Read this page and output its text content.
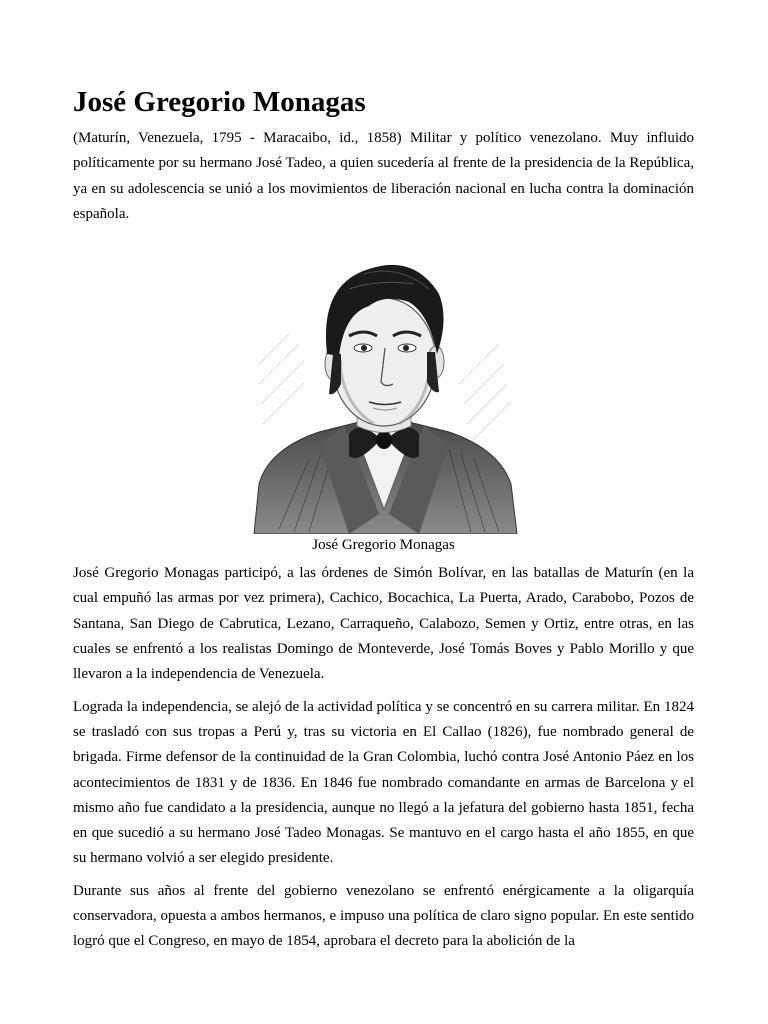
José Gregorio Monagas

(Maturín, Venezuela, 1795 - Maracaibo, id., 1858) Militar y político venezolano. Muy influido políticamente por su hermano José Tadeo, a quien sucedería al frente de la presidencia de la República, ya en su adolescencia se unió a los movimientos de liberación nacional en lucha contra la dominación española.

José Gregorio Monagas

José Gregorio Monagas participó, a las órdenes de Simón Bolívar, en las batallas de Maturín (en la cual empuñó las armas por vez primera), Cachico, Bocachica, La Puerta, Arado, Carabobo, Pozos de Santana, San Diego de Cabrutica, Lezano, Carraqueño, Calabozo, Semen y Ortiz, entre otras, en las cuales se enfrentó a los realistas Domingo de Monteverde, José Tomás Boves y Pablo Morillo y que llevaron a la independencia de Venezuela.

Lograda la independencia, se alejó de la actividad política y se concentró en su carrera militar. En 1824 se trasladó con sus tropas a Perú y, tras su victoria en El Callao (1826), fue nombrado general de brigada. Firme defensor de la continuidad de la Gran Colombia, luchó contra José Antonio Páez en los acontecimientos de 1831 y de 1836. En 1846 fue nombrado comandante en armas de Barcelona y el mismo año fue candidato a la presidencia, aunque no llegó a la jefatura del gobierno hasta 1851, fecha en que sucedió a su hermano José Tadeo Monagas. Se mantuvo en el cargo hasta el año 1855, en que su hermano volvió a ser elegido presidente.

Durante sus años al frente del gobierno venezolano se enfrentó enérgicamente a la oligarquía conservadora, opuesta a ambos hermanos, e impuso una política de claro signo popular. En este sentido logró que el Congreso, en mayo de 1854, aprobara el decreto para la abolición de la
